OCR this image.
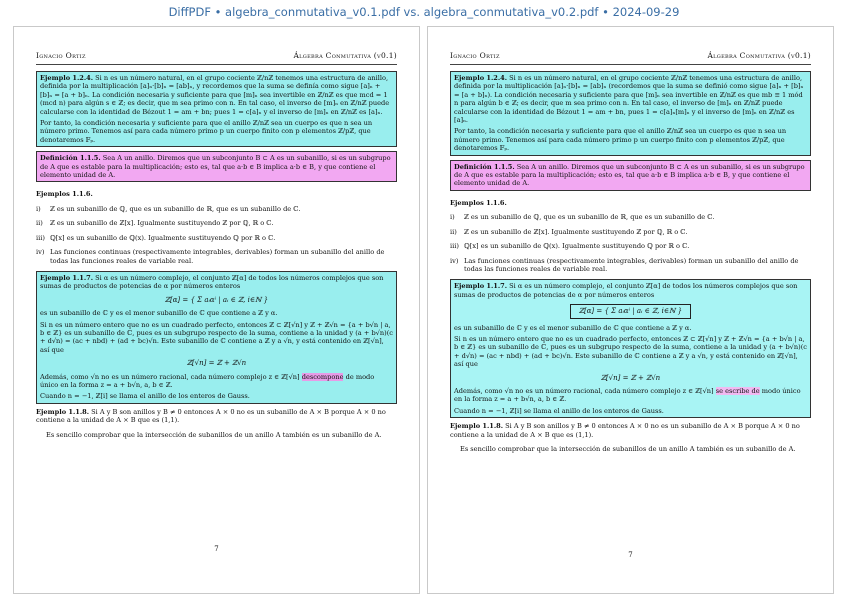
DiffPDF • algebra_conmutativa_v0.1.pdf vs. algebra_conmutativa_v0.2.pdf • 2024-09-29
Ignacio Ortiz	Álgebra Conmutativa (v0.1)

Ejemplo 1.2.4. Si n es un número natural, en el grupo cociente ℤ/nℤ tenemos una estructura de anillo, definida por la multiplicación [a]ₙ·[b]ₙ = [ab]ₙ, y recordemos que la suma se definía como sigue [a]ₙ + [b]ₙ = [a + b]ₙ. La condición necesaria y suficiente para que [m]ₙ sea invertible en ℤ/nℤ es que mcd = 1 (mcd n) para algún s ∈ ℤ; es decir, que m sea primo con n. En tal caso, el inverso de [m]ₙ en ℤ/nℤ puede calcularse con la identidad de Bézout 1 = am + bn; pues 1 = c[a]ₙ y el inverso de [m]ₙ en ℤ/nℤ es [a]ₙ.

Por tanto, la condición necesaria y suficiente para que el anillo ℤ/nℤ sea un cuerpo es que n sea un número primo. Tenemos así para cada número primo p un cuerpo finito con p elementos ℤ/pℤ, que denotaremos 𝔽ₚ.

Definición 1.1.5. Sea A un anillo. Diremos que un subconjunto B ⊂ A es un subanillo, si es un subgrupo de A que es estable para la multiplicación; esto es, tal que a·b ∈ B implica a·b ∈ B, y que contiene el elemento unidad de A.
Ejemplos 1.1.6.
i) ℤ es un subanillo de ℚ, que es un subanillo de ℝ, que es un subanillo de ℂ.
ii) ℤ es un subanillo de ℤ[x]. Igualmente sustituyendo ℤ por ℚ, ℝ o ℂ.
iii) ℚ[x] es un subanillo de ℚ(x). Igualmente sustituyendo ℚ por ℝ o ℂ.
iv) Las funciones continuas (respectivamente integrables, derivables) forman un subanillo del anillo de todas las funciones reales de variable real.

Ejemplo 1.1.7. Si α es un número complejo, el conjunto ℤ[α] de todos los números complejos que son sumas de productos de potencias de α por números enteros

ℤ[α] = { Σ aᵢαⁱ | aᵢ ∈ ℤ, i∈ℕ }

es un subanillo de ℂ y es el menor subanillo de ℂ que contiene a ℤ y α.

Si n es un número entero que no es un cuadrado perfecto, entonces ℤ ⊂ ℤ[√n] y ℤ + ℤ√n = {a + b√n | a, b ∈ ℤ} es un subanillo de ℂ, pues es un subgrupo respecto de la suma, contiene a la unidad y (a + b√n)(c + d√n) = (ac + nbd) + (ad + bc)√n. Este subanillo de ℂ contiene a ℤ y a √n, y está contenido en ℤ[√n], así que

ℤ[√n] = ℤ + ℤ√n

Además, como √n no es un número racional, cada número complejo z ∈ ℤ[√n] descompone de modo único en la forma z = a + b√n, a, b ∈ ℤ.

Cuando n = −1, ℤ[i] se llama el anillo de los enteros de Gauss.

Ejemplo 1.1.8. Si A y B son anillos y B ≠ 0 entonces A × 0 no es un subanillo de A × B porque A × 0 no contiene a la unidad de A × B que es (1,1).

Es sencillo comprobar que la intersección de subanillos de un anillo A también es un subanillo de A.

7
Ignacio Ortiz	Álgebra Conmutativa (v0.1)

Ejemplo 1.2.4. Si n es un número natural, en el grupo cociente ℤ/nℤ tenemos una estructura de anillo, definida por la multiplicación [a]ₙ·[b]ₙ = [ab]ₙ (recordemos que la suma se definió como sigue [a]ₙ + [b]ₙ = [a + b]ₙ). La condición necesaria y suficiente para que [m]ₙ sea invertible en ℤ/nℤ es que mb ≡ 1 mód n para algún b ∈ ℤ; es decir, que m sea primo con n. En tal caso, el inverso de [m]ₙ en ℤ/nℤ puede calcularse con la identidad de Bézout 1 = am + bn, pues 1 = c[a]ₙ[m]ₙ y el inverso de [m]ₙ en ℤ/nℤ es [a]ₙ.

Por tanto, la condición necesaria y suficiente para que el anillo ℤ/nℤ sea un cuerpo es que n sea un número primo. Tenemos así para cada número primo p un cuerpo finito con p elementos ℤ/pℤ, que denotaremos 𝔽ₚ.

Definición 1.1.5. Sea A un anillo. Diremos que un subconjunto B ⊂ A es un subanillo, si es un subgrupo de A que es estable para la multiplicación; esto es, tal que a·b ∈ B implica a·b ∈ B, y que contiene el elemento unidad de A.
Ejemplos 1.1.6.
i) ℤ es un subanillo de ℚ, que es un subanillo de ℝ, que es un subanillo de ℂ.
ii) ℤ es un subanillo de ℤ[x]. Igualmente sustituyendo ℤ por ℚ, ℝ o ℂ.
iii) ℚ[x] es un subanillo de ℚ(x). Igualmente sustituyendo ℚ por ℝ o ℂ.
iv) Las funciones continuas (respectivamente integrables, derivables) forman un subanillo del anillo de todas las funciones reales de variable real.

Ejemplo 1.1.7. Si α es un número complejo, el conjunto ℤ[α] de todos los números complejos que son sumas de productos de potencias de α por números enteros

ℤ[α] = { Σ aᵢαⁱ | aᵢ ∈ ℤ, i∈ℕ }

es un subanillo de ℂ y es el menor subanillo de ℂ que contiene a ℤ y α.

Si n es un número entero que no es un cuadrado perfecto, entonces ℤ ⊂ ℤ[√n] y ℤ + ℤ√n = {a + b√n | a, b ∈ ℤ} es un subanillo de ℂ, pues es un subgrupo respecto de la suma, contiene a la unidad y (a + b√n)(c + d√n) = (ac + nbd) + (ad + bc)√n. Este subanillo de ℂ contiene a ℤ y a √n, y está contenido en ℤ[√n], así que

ℤ[√n] = ℤ + ℤ√n

Además, como √n no es un número racional, cada número complejo z ∈ ℤ[√n] se escribe de modo único en la forma z = a + b√n, a, b ∈ ℤ.

Cuando n = −1, ℤ[i] se llama el anillo de los enteros de Gauss.

Ejemplo 1.1.8. Si A y B son anillos y B ≠ 0 entonces A × 0 no es un subanillo de A × B porque A × 0 no contiene a la unidad de A × B que es (1,1).

Es sencillo comprobar que la intersección de subanillos de un anillo A también es un subanillo de A.

7
